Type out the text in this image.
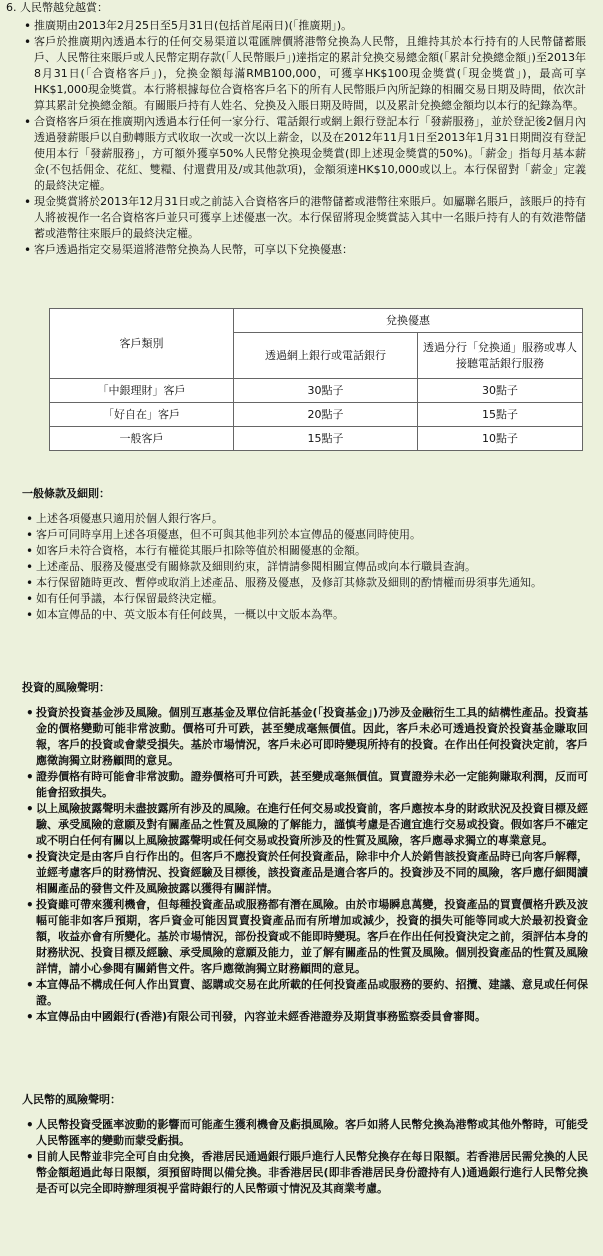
6. 人民幣越兌越賞：
• 推廣期由2013年2月25日至5月31日(包括首尾兩日)(「推廣期」)。
• 客戶於推廣期內透過本行的任何交易渠道以電匯牌價將港幣兌換為人民幣，且維持其於本行持有的人民幣儲蓄賬戶、人民幣往來賬戶或人民幣定期存款(「人民幣賬戶」)達指定的累計兌換交易總金額(「累計兌換總金額」)至2013年8月31日(「合資格客戶」)，兌換金額每滿RMB100,000，可獲享HK$100現金獎賞(「現金獎賞」)，最高可享HK$1,000現金獎賞。本行將根據每位合資格客戶名下的所有人民幣賬戶內所記錄的相關交易日期及時間，依次計算其累計兌換總金額。有關賬戶持有人姓名、兌換及入賬日期及時間，以及累計兌換總金額均以本行的紀錄為準。
• 合資格客戶須在推廣期內透過本行任何一家分行、電話銀行或網上銀行登記本行「發薪服務」，並於登記後2個月內透過發薪賬戶以自動轉賬方式收取一次或一次以上薪金，以及在2012年11月1日至2013年1月31日期間沒有登記使用本行「發薪服務」，方可額外獲享50%人民幣兌換現金獎賞(即上述現金獎賞的50%)。「薪金」指每月基本薪金(不包括佣金、花紅、雙糧、付還費用及/或其他款項)，金額須達HK$10,000或以上。本行保留對「薪金」定義的最終決定權。
• 現金獎賞將於2013年12月31日或之前誌入合資格客戶的港幣儲蓄或港幣往來賬戶。如屬聯名賬戶，該賬戶的持有人將被視作一名合資格客戶並只可獲享上述優惠一次。本行保留將現金獎賞誌入其中一名賬戶持有人的有效港幣儲蓄或港幣往來賬戶的最終決定權。
• 客戶透過指定交易渠道將港幣兌換為人民幣，可享以下兌換優惠：
客戶類別	兌換優惠	
	透過網上銀行或電話銀行	透過分行「兌換通」服務或專人接聽電話銀行服務
「中銀理財」客戶	30點子	30點子
「好自在」客戶	20點子	15點子
一般客戶	15點子	10點子
一般條款及細則：
• 上述各項優惠只適用於個人銀行客戶。
• 客戶可同時享用上述各項優惠，但不可與其他非列於本宣傳品的優惠同時使用。
• 如客戶未符合資格，本行有權從其賬戶扣除等值於相關優惠的金額。
• 上述產品、服務及優惠受有關條款及細則約束，詳情請參閱相關宣傳品或向本行職員查詢。
• 本行保留隨時更改、暫停或取消上述產品、服務及優惠，及修訂其條款及細則的酌情權而毋須事先通知。
• 如有任何爭議，本行保留最終決定權。
• 如本宣傳品的中、英文版本有任何歧異，一概以中文版本為準。
投資的風險聲明：
• 投資於投資基金涉及風險。個別互惠基金及單位信託基金(「投資基金」)乃涉及金融衍生工具的結構性產品。投資基金的價格變動可能非常波動。價格可升可跌，甚至變成毫無價值。因此，客戶未必可透過投資於投資基金賺取回報，客戶的投資或會蒙受損失。基於市場情況，客戶未必可即時變現所持有的投資。在作出任何投資決定前，客戶應徵詢獨立財務顧問的意見。
• 證券價格有時可能會非常波動。證券價格可升可跌，甚至變成毫無價值。買賣證券未必一定能夠賺取利潤，反而可能會招致損失。
• 以上風險披露聲明未盡披露所有涉及的風險。在進行任何交易或投資前，客戶應按本身的財政狀況及投資目標及經驗、承受風險的意願及對有關產品之性質及風險的了解能力，謹慎考慮是否適宜進行交易或投資。假如客戶不確定或不明白任何有關以上風險披露聲明或任何交易或投資所涉及的性質及風險，客戶應尋求獨立的專業意見。
• 投資決定是由客戶自行作出的。但客戶不應投資於任何投資產品，除非中介人於銷售該投資產品時已向客戶解釋，並經考慮客戶的財務情況、投資經驗及目標後，該投資產品是適合客戶的。投資涉及不同的風險，客戶應仔細閱讀相關產品的發售文件及風險披露以獲得有關詳情。
• 投資雖可帶來獲利機會，但每種投資產品或服務都有潛在風險。由於市場瞬息萬變，投資產品的買賣價格升跌及波幅可能非如客戶預期，客戶資金可能因買賣投資產品而有所增加或減少，投資的損失可能等同或大於最初投資金額，收益亦會有所變化。基於市場情況，部份投資或不能即時變現。客戶在作出任何投資決定之前，須評估本身的財務狀況、投資目標及經驗、承受風險的意願及能力，並了解有關產品的性質及風險。個別投資產品的性質及風險詳情，請小心參閱有關銷售文件。客戶應徵詢獨立財務顧問的意見。
• 本宣傳品不構成任何人作出買賣、認購或交易在此所載的任何投資產品或服務的要約、招攬、建議、意見或任何保證。
• 本宣傳品由中國銀行(香港)有限公司刊發，內容並未經香港證券及期貨事務監察委員會審閱。
人民幣的風險聲明：
• 人民幣投資受匯率波動的影響而可能產生獲利機會及虧損風險。客戶如將人民幣兌換為港幣或其他外幣時，可能受人民幣匯率的變動而蒙受虧損。
• 目前人民幣並非完全可自由兌換，香港居民通過銀行賬戶進行人民幣兌換存在每日限額。若香港居民需兌換的人民幣金額超過此每日限額，須預留時間以備兌換。非香港居民(即非香港居民身份證持有人)通過銀行進行人民幣兌換是否可以完全即時辦理須視乎當時銀行的人民幣頭寸情況及其商業考慮。
